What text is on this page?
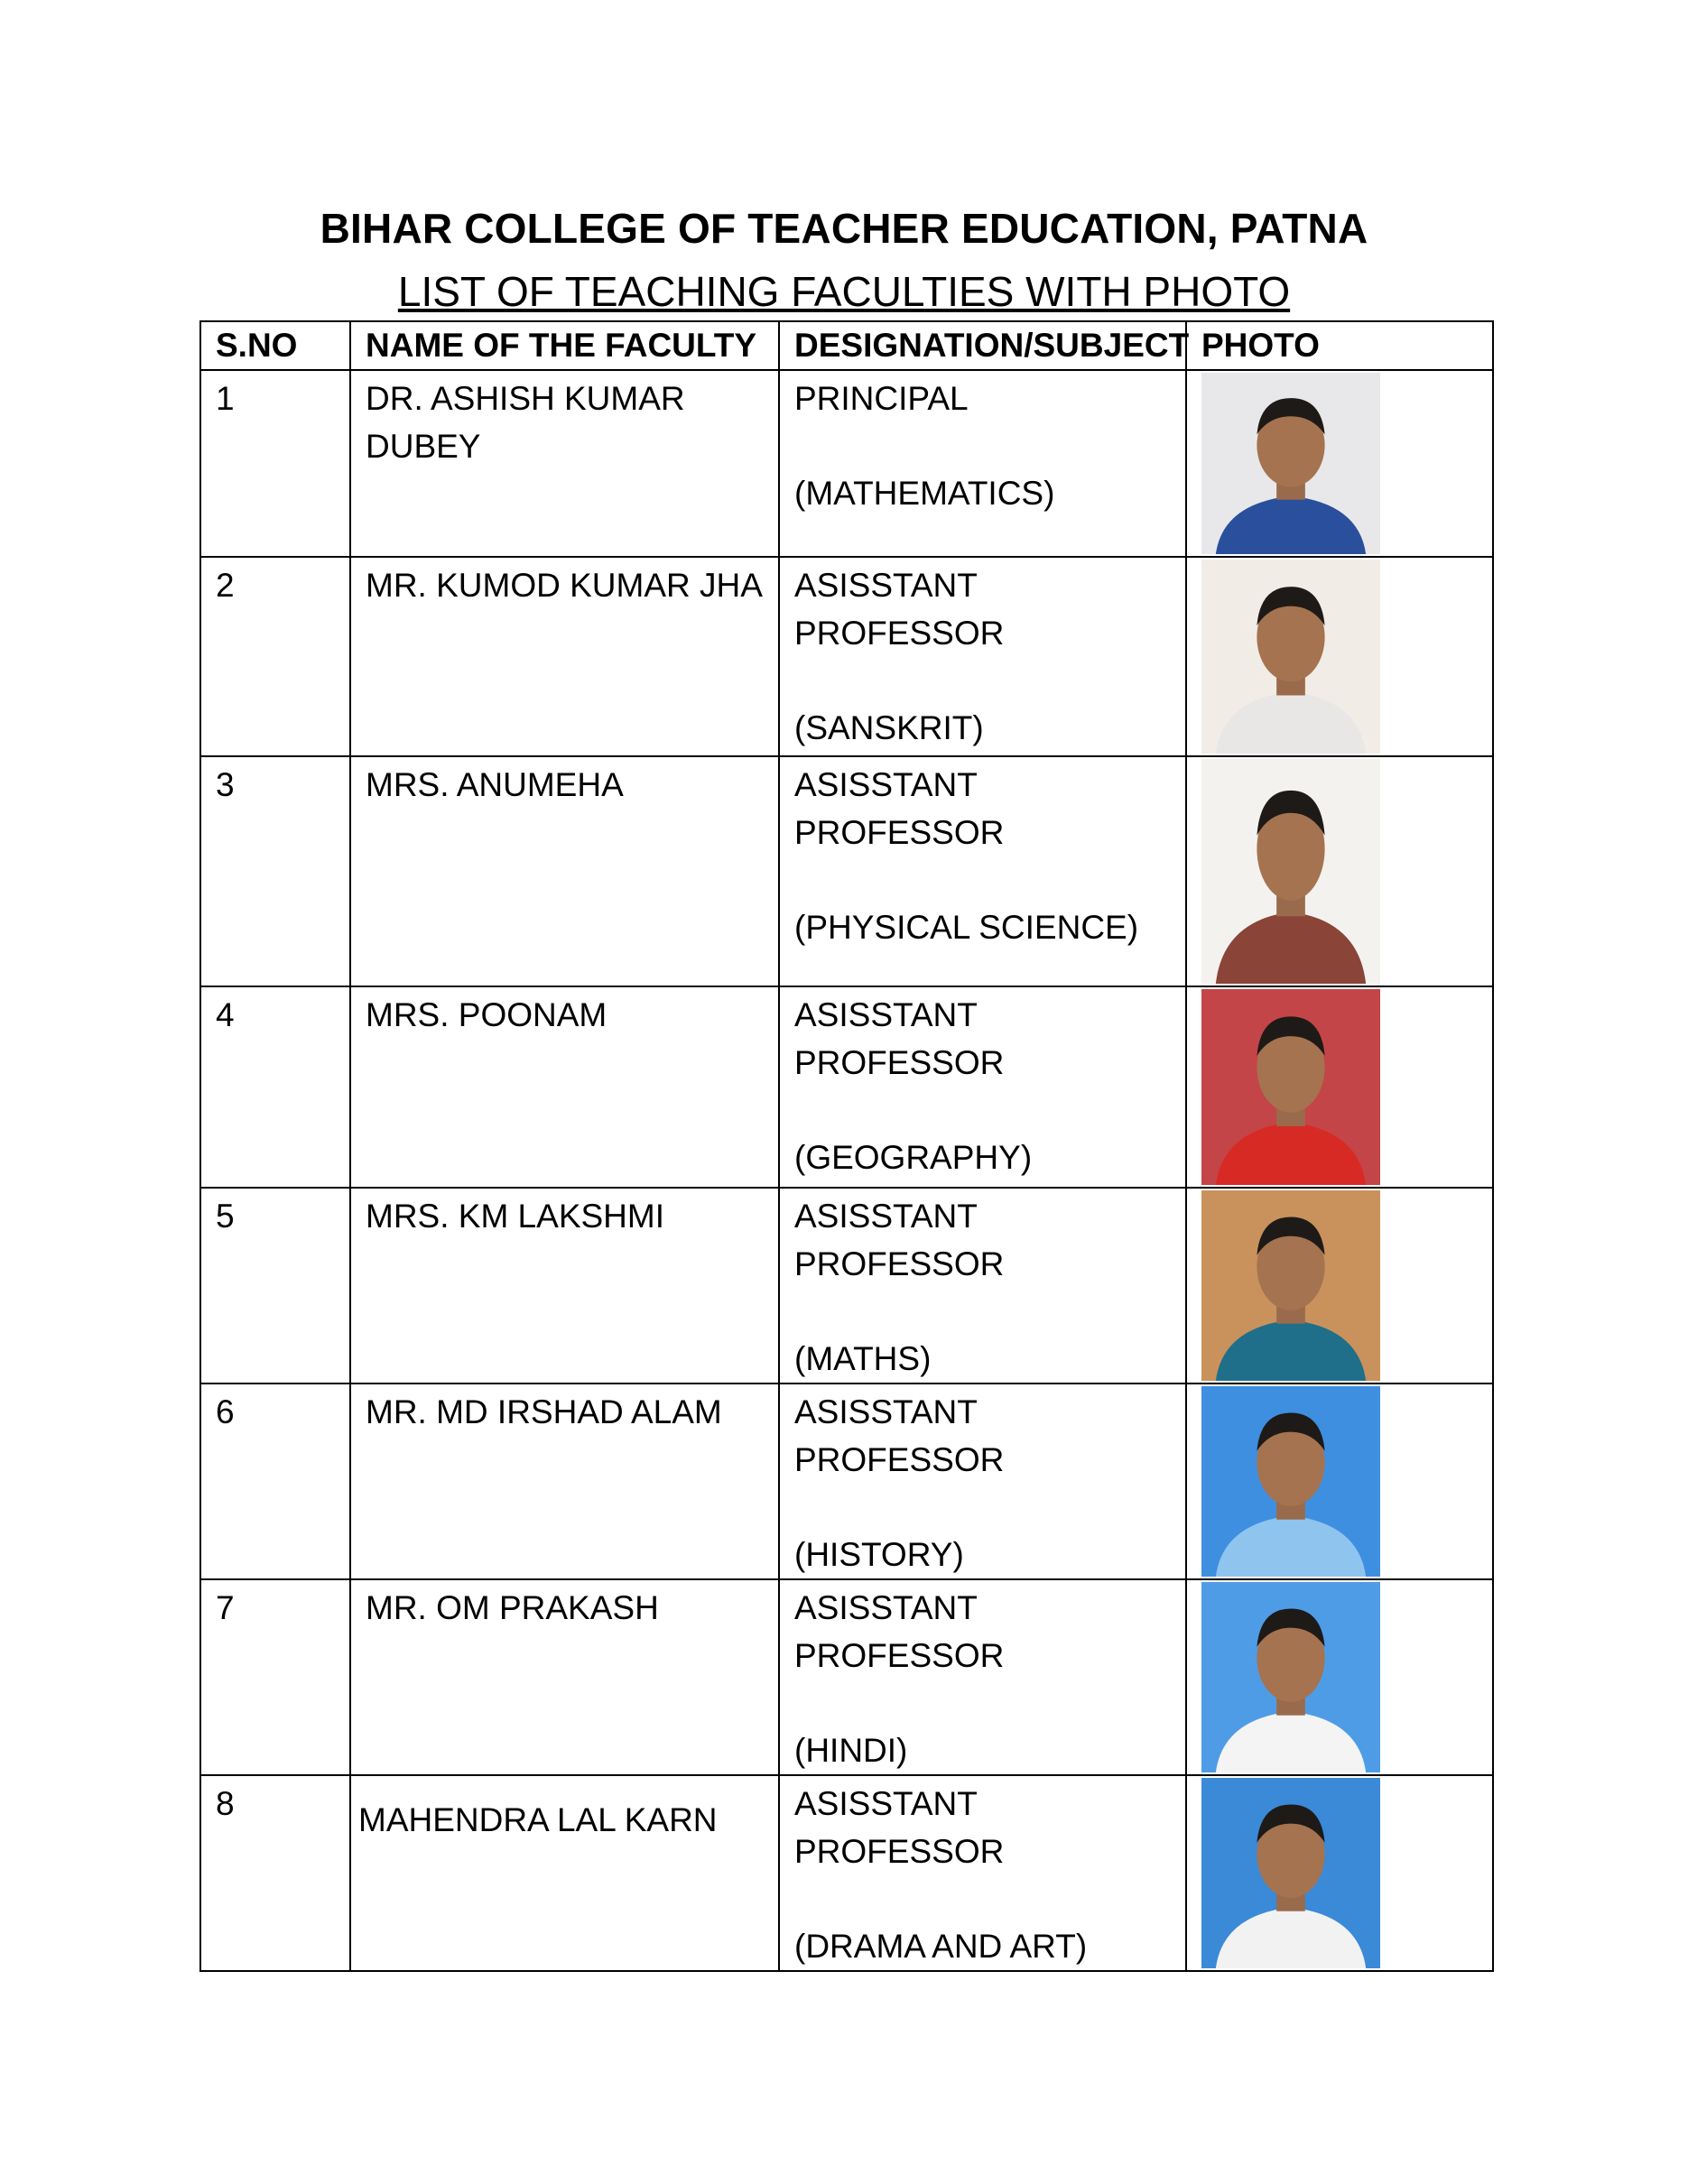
BIHAR COLLEGE OF TEACHER EDUCATION, PATNA
LIST OF TEACHING FACULTIES WITH PHOTO
S.NO	NAME OF THE FACULTY	DESIGNATION/SUBJECT	PHOTO
1	DR. ASHISH KUMAR DUBEY	PRINCIPAL
(MATHEMATICS)

2	MR. KUMOD KUMAR JHA	ASISSTANT PROFESSOR
(SANSKRIT)

3	MRS. ANUMEHA	ASISSTANT PROFESSOR
(PHYSICAL SCIENCE)

4	MRS. POONAM	ASISSTANT PROFESSOR
(GEOGRAPHY)

5	MRS. KM LAKSHMI	ASISSTANT PROFESSOR
(MATHS)

6	MR. MD IRSHAD ALAM	ASISSTANT PROFESSOR
(HISTORY)

7	MR. OM PRAKASH	ASISSTANT PROFESSOR
(HINDI)

8	MAHENDRA LAL KARN	ASISSTANT PROFESSOR
(DRAMA AND ART)
